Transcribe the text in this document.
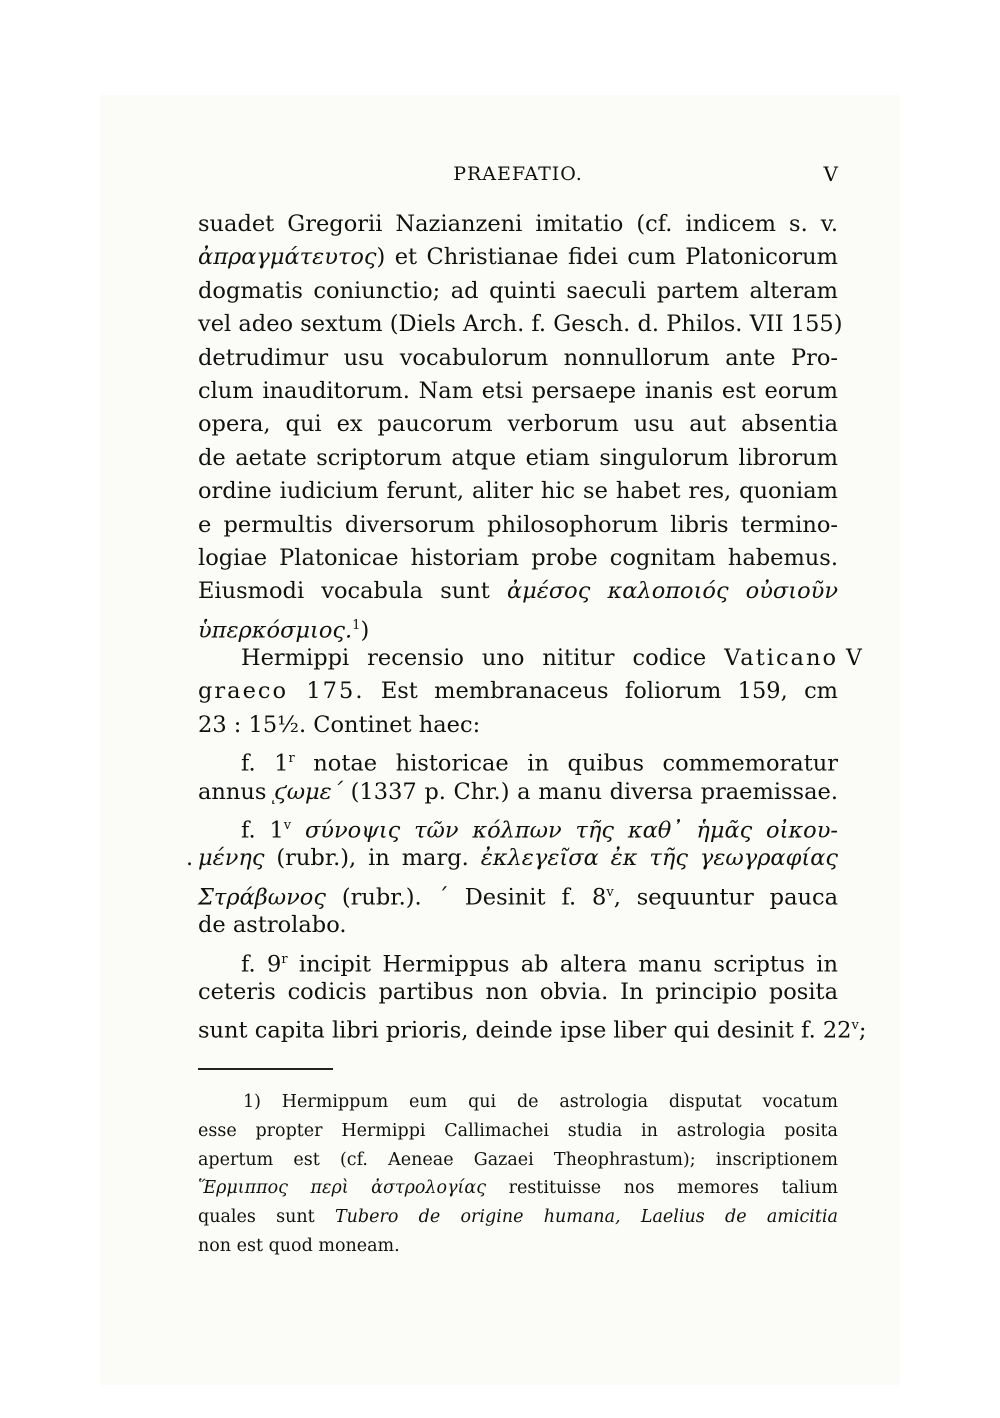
PRAEFATIO.	V
suadet Gregorii Nazianzeni imitatio (cf. indicem s. v.
ἀπραγμάτευτος) et Christianae fidei cum Platonicorum
dogmatis coniunctio; ad quinti saeculi partem alteram
vel adeo sextum (Diels Arch. f. Gesch. d. Philos. VII 155)
detrudimur usu vocabulorum nonnullorum ante Pro-
clum inauditorum. Nam etsi persaepe inanis est eorum
opera, qui ex paucorum verborum usu aut absentia
de aetate scriptorum atque etiam singulorum librorum
ordine iudicium ferunt, aliter hic se habet res, quoniam
e permultis diversorum philosophorum libris termino-
logiae Platonicae historiam probe cognitam habemus.
Eiusmodi vocabula sunt ἀμέσος καλοποιός οὐσιοῦν
ὑπερκόσμιος.$^1$)
Hermippi recensio uno nititur codice Vaticano V
graeco 175. Est membranaceus foliorum 159, cm
23 : 15½. Continet haec:
f. 1$^r$ notae historicae in quibus commemoratur
annus ͅϛωμε΄ (1337 p. Chr.) a manu diversa praemissae.
f. 1$^v$ σύνοψις τῶν κόλπων τῆς καθ᾽ ἡμᾶς οἰκου-
. μένης (rubr.), in marg. ἐκλεγεῖσα ἐκ τῆς γεωγραφίας
Στράβωνος (rubr.). ΄ Desinit f. 8$^v$, sequuntur pauca
de astrolabo.
f. 9$^r$ incipit Hermippus ab altera manu scriptus in
ceteris codicis partibus non obvia. In principio posita
sunt capita libri prioris, deinde ipse liber qui desinit f. 22$^v$;
1) Hermippum eum qui de astrologia disputat vocatum
esse propter Hermippi Callimachei studia in astrologia posita
apertum est (cf. Aeneae Gazaei Theophrastum); inscriptionem
Ἕρμιππος περὶ ἀστρολογίας restituisse nos memores talium
quales sunt Tubero de origine humana, Laelius de amicitia
non est quod moneam.
